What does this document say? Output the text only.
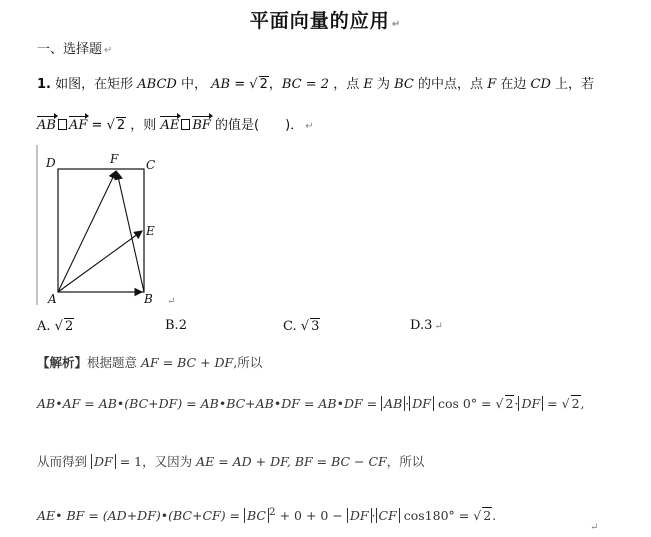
平面向量的应用 ↵
一、选择题 ↵
1. 如图，在矩形 ABCD 中， AB = √ 2，BC = 2 ，点 E 为 BC 的中点，点 F 在边 CD 上，若
AB AF = √ 2 ，则 AE BF 的值是(　　)． ↵
D	F C
E
A	B ↵
A. √ 2	B.2	C. √ 3	D.3 ↵
【解析】根据题意 AF = BC + DF,所以
AB•AF = AB•(BC+DF) = AB•BC+AB•DF = AB•DF = AB · DF cos 0° = √ 2· DF = √ 2,
从而得到 DF = 1，又因为 AE = AD + DF, BF = BC − CF，所以
AE• BF = (AD+DF)•(BC+CF) = BC $^2$ + 0 + 0 − DF · CF cos180° = √ 2.
↵
